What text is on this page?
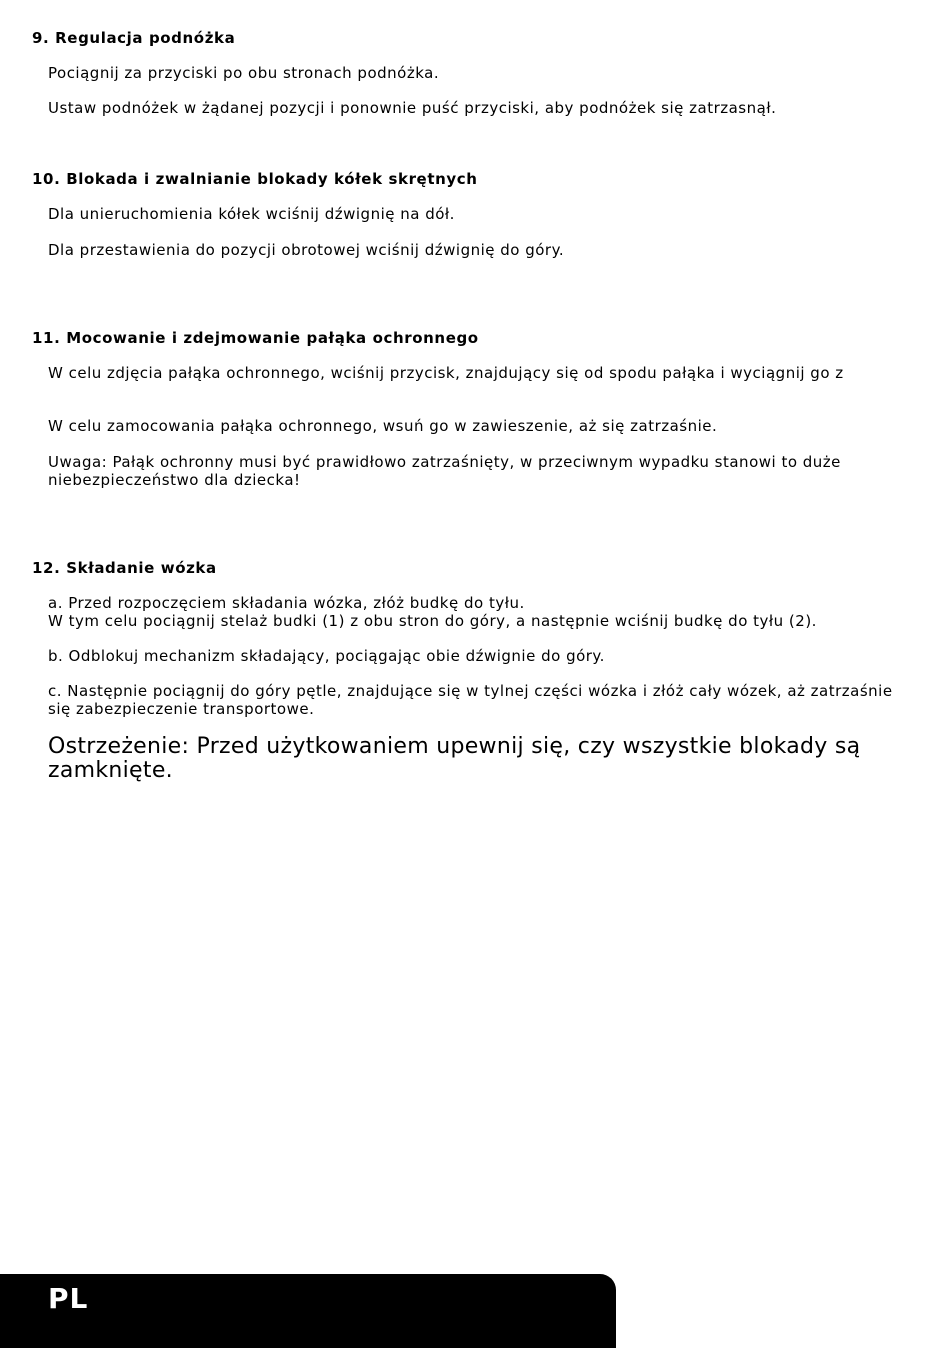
9. Regulacja podnóżka
Pociągnij za przyciski po obu stronach podnóżka.
Ustaw podnóżek w żądanej pozycji i ponownie puść przyciski, aby podnóżek się zatrzasnął.
10. Blokada i zwalnianie blokady kółek skrętnych
Dla unieruchomienia kółek wciśnij dźwignię na dół.
Dla przestawienia do pozycji obrotowej wciśnij dźwignię do góry.
11. Mocowanie i zdejmowanie pałąka ochronnego
W celu zdjęcia pałąka ochronnego, wciśnij przycisk, znajdujący się od spodu pałąka i wyciągnij go z
W celu zamocowania pałąka ochronnego, wsuń go w zawieszenie, aż się zatrzaśnie.
Uwaga: Pałąk ochronny musi być prawidłowo zatrzaśnięty, w przeciwnym wypadku stanowi to duże niebezpieczeństwo dla dziecka!
12. Składanie wózka
a. Przed rozpoczęciem składania wózka, złóż budkę do tyłu.
W tym celu pociągnij stelaż budki (1) z obu stron do góry, a następnie wciśnij budkę do tyłu (2).
b. Odblokuj mechanizm składający, pociągając obie dźwignie do góry.
c. Następnie pociągnij do góry pętle, znajdujące się w tylnej części wózka i złóż cały wózek, aż zatrzaśnie się zabezpieczenie transportowe.
Ostrzeżenie: Przed użytkowaniem upewnij się, czy wszystkie blokady są zamknięte.
PL
